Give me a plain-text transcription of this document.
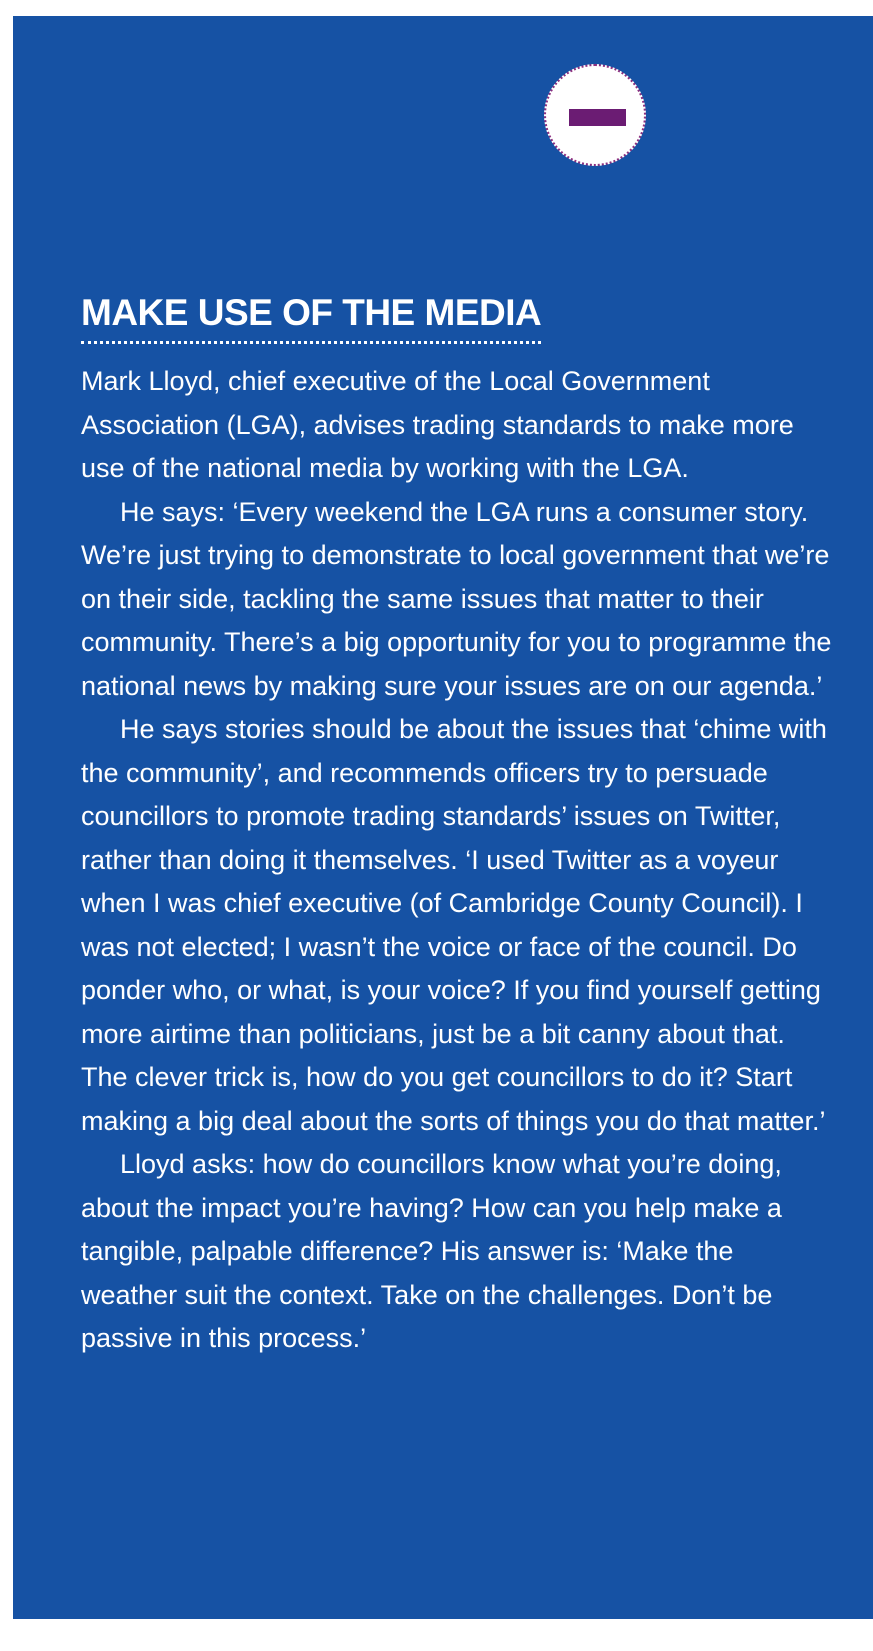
MAKE USE OF THE MEDIA

Mark Lloyd, chief executive of the Local Government Association (LGA), advises trading standards to make more use of the national media by working with the LGA.

He says: ‘Every weekend the LGA runs a consumer story. We’re just trying to demonstrate to local government that we’re on their side, tackling the same issues that matter to their community. There’s a big opportunity for you to programme the national news by making sure your issues are on our agenda.’

He says stories should be about the issues that ‘chime with the community’, and recommends officers try to persuade councillors to promote trading standards’ issues on Twitter, rather than doing it themselves. ‘I used Twitter as a voyeur when I was chief executive (of Cambridge County Council). I was not elected; I wasn’t the voice or face of the council. Do ponder who, or what, is your voice? If you find yourself getting more airtime than politicians, just be a bit canny about that. The clever trick is, how do you get councillors to do it? Start making a big deal about the sorts of things you do that matter.’

Lloyd asks: how do councillors know what you’re doing, about the impact you’re having? How can you help make a tangible, palpable difference? His answer is: ‘Make the weather suit the context. Take on the challenges. Don’t be passive in this process.’
